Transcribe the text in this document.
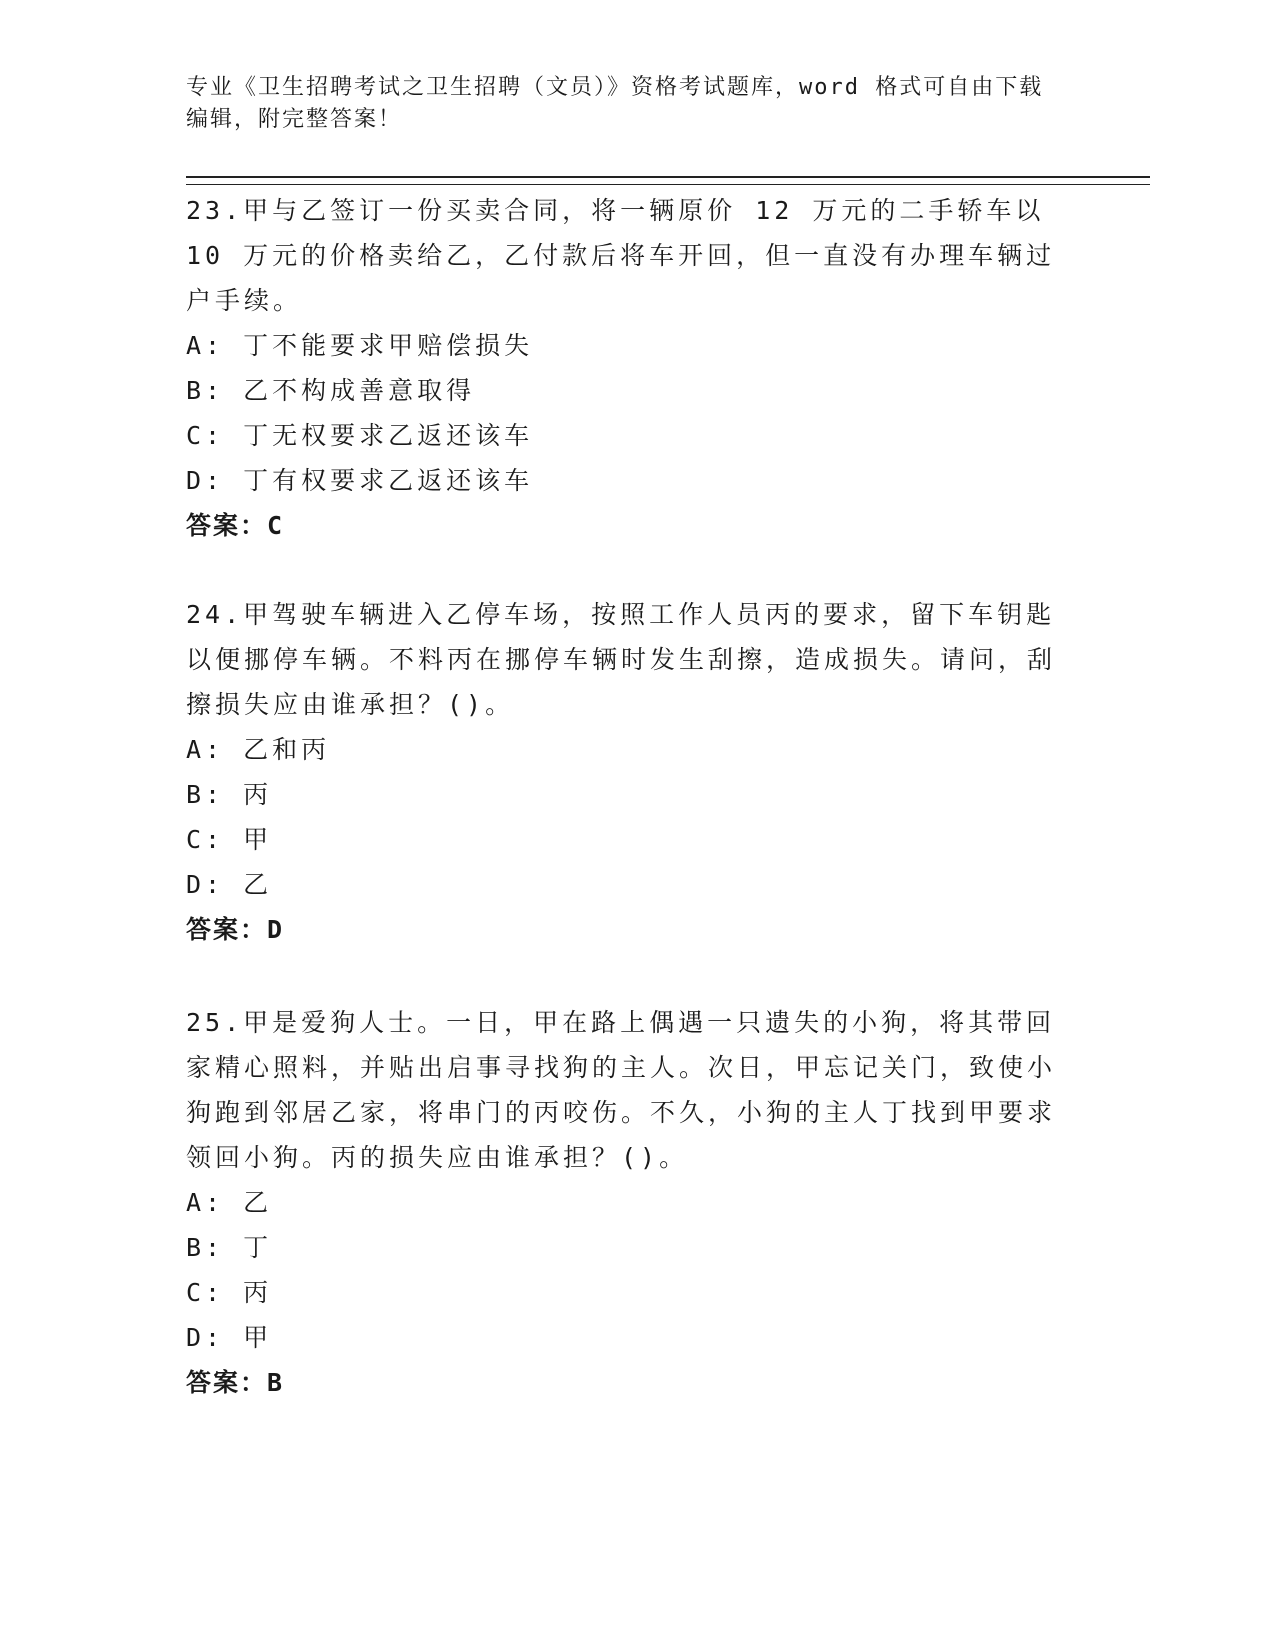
专业《卫生招聘考试之卫生招聘（文员）》资格考试题库，word 格式可自由下载编辑，附完整答案！

23.甲与乙签订一份买卖合同，将一辆原价 12 万元的二手轿车以 10 万元的价格卖给乙，乙付款后将车开回，但一直没有办理车辆过户手续。

A: 丁不能要求甲赔偿损失

B: 乙不构成善意取得

C: 丁无权要求乙返还该车

D: 丁有权要求乙返还该车

答案：C

24.甲驾驶车辆进入乙停车场，按照工作人员丙的要求，留下车钥匙以便挪停车辆。不料丙在挪停车辆时发生刮擦，造成损失。请问，刮擦损失应由谁承担？()。

A: 乙和丙

B: 丙

C: 甲

D: 乙

答案：D

25.甲是爱狗人士。一日，甲在路上偶遇一只遗失的小狗，将其带回家精心照料，并贴出启事寻找狗的主人。次日，甲忘记关门，致使小狗跑到邻居乙家，将串门的丙咬伤。不久，小狗的主人丁找到甲要求领回小狗。丙的损失应由谁承担？()。

A: 乙

B: 丁

C: 丙

D: 甲

答案：B
